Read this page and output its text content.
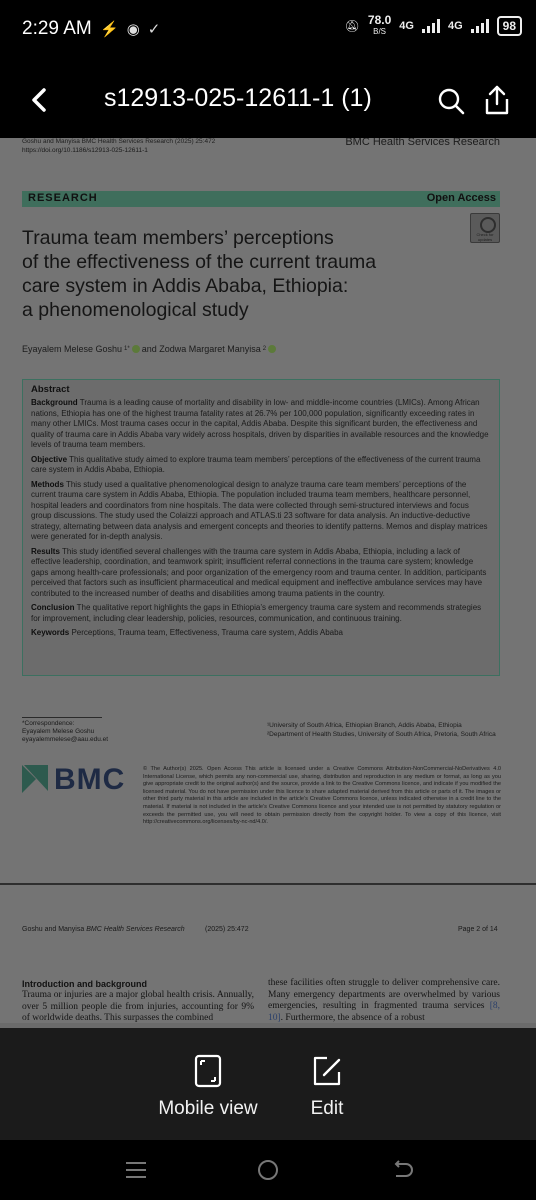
2:29 AM ⚡ ◉ ✓	🔕︎ 78.0
B/S 4G	4G	98
s12913-025-12611-1 (1)
Goshu and Manyisa BMC Health Services Research (2025) 25:472
https://doi.org/10.1186/s12913-025-12611-1
BMC Health Services Research
RESEARCH	Open Access
Check for updates
Trauma team members’ perceptions
of the effectiveness of the current trauma
care system in Addis Ababa, Ethiopia:
a phenomenological study
Eyayalem Melese Goshu 1* and Zodwa Margaret Manyisa 2
Abstract

Background Trauma is a leading cause of mortality and disability in low- and middle-income countries (LMICs). Among African nations, Ethiopia has one of the highest trauma fatality rates at 26.7% per 100,000 population, significantly exceeding rates in many other LMICs. Most trauma cases occur in the capital, Addis Ababa. Despite this significant burden, the effectiveness and quality of trauma care in Addis Ababa vary widely across hospitals, driven by disparities in available resources and the knowledge levels of trauma team members.

Objective This qualitative study aimed to explore trauma team members’ perceptions of the effectiveness of the current trauma care system in Addis Ababa, Ethiopia.

Methods This study used a qualitative phenomenological design to analyze trauma care team members’ perceptions of the current trauma care system in Addis Ababa, Ethiopia. The population included trauma team members, healthcare personnel, hospital leaders and coordinators from nine hospitals. The data were collected through semi-structured interviews and focus group discussions. The study used the Colaizzi approach and ATLAS.ti 23 software for data analysis. An inductive-deductive strategy, alternating between data analysis and emergent concepts and theories to identify patterns. Memos and display matrices were generated for in-depth analysis.

Results This study identified several challenges with the trauma care system in Addis Ababa, Ethiopia, including a lack of effective leadership, coordination, and teamwork spirit; insufficient referral connections in the trauma care system; knowledge gaps among health-care professionals; and poor organization of the emergency room and trauma center. In addition, participants perceived that factors such as insufficient pharmaceutical and medical equipment and ineffective ambulance services may have contributed to the increased number of deaths and disabilities among trauma patients in the country.

Conclusion The qualitative report highlights the gaps in Ethiopia’s emergency trauma care system and recommends strategies for improvement, including clear leadership, policies, resources, communication, and continuous training.

Keywords Perceptions, Trauma team, Effectiveness, Trauma care system, Addis Ababa

*Correspondence:
Eyayalem Melese Goshu
eyayalemmelese@aau.edu.et
¹University of South Africa, Ethiopian Branch, Addis Ababa, Ethiopia
²Department of Health Studies, University of South Africa, Pretoria, South Africa
BMC	© The Author(s) 2025. Open Access This article is licensed under a Creative Commons Attribution-NonCommercial-NoDerivatives 4.0 International License, which permits any non-commercial use, sharing, distribution and reproduction in any medium or format, as long as you give appropriate credit to the original author(s) and the source, provide a link to the Creative Commons licence, and indicate if you modified the licensed material. You do not have permission under this licence to share adapted material derived from this article or parts of it. The images or other third party material in this article are included in the article’s Creative Commons licence, unless indicated otherwise in a credit line to the material. If material is not included in the article’s Creative Commons licence and your intended use is not permitted by statutory regulation or exceeds the permitted use, you will need to obtain permission directly from the copyright holder. To view a copy of this licence, visit http://creativecommons.org/licenses/by-nc-nd/4.0/.
Goshu and Manyisa BMC Health Services Research	(2025) 25:472	Page 2 of 14
Introduction and background
Trauma or injuries are a major global health crisis. Annually, over 5 million people die from injuries, accounting for 9% of worldwide deaths. This surpasses the combined
these facilities often struggle to deliver comprehensive care. Many emergency departments are overwhelmed by various emergencies, resulting in fragmented trauma services [8, 10]. Furthermore, the absence of a robust
Mobile view	Edit
